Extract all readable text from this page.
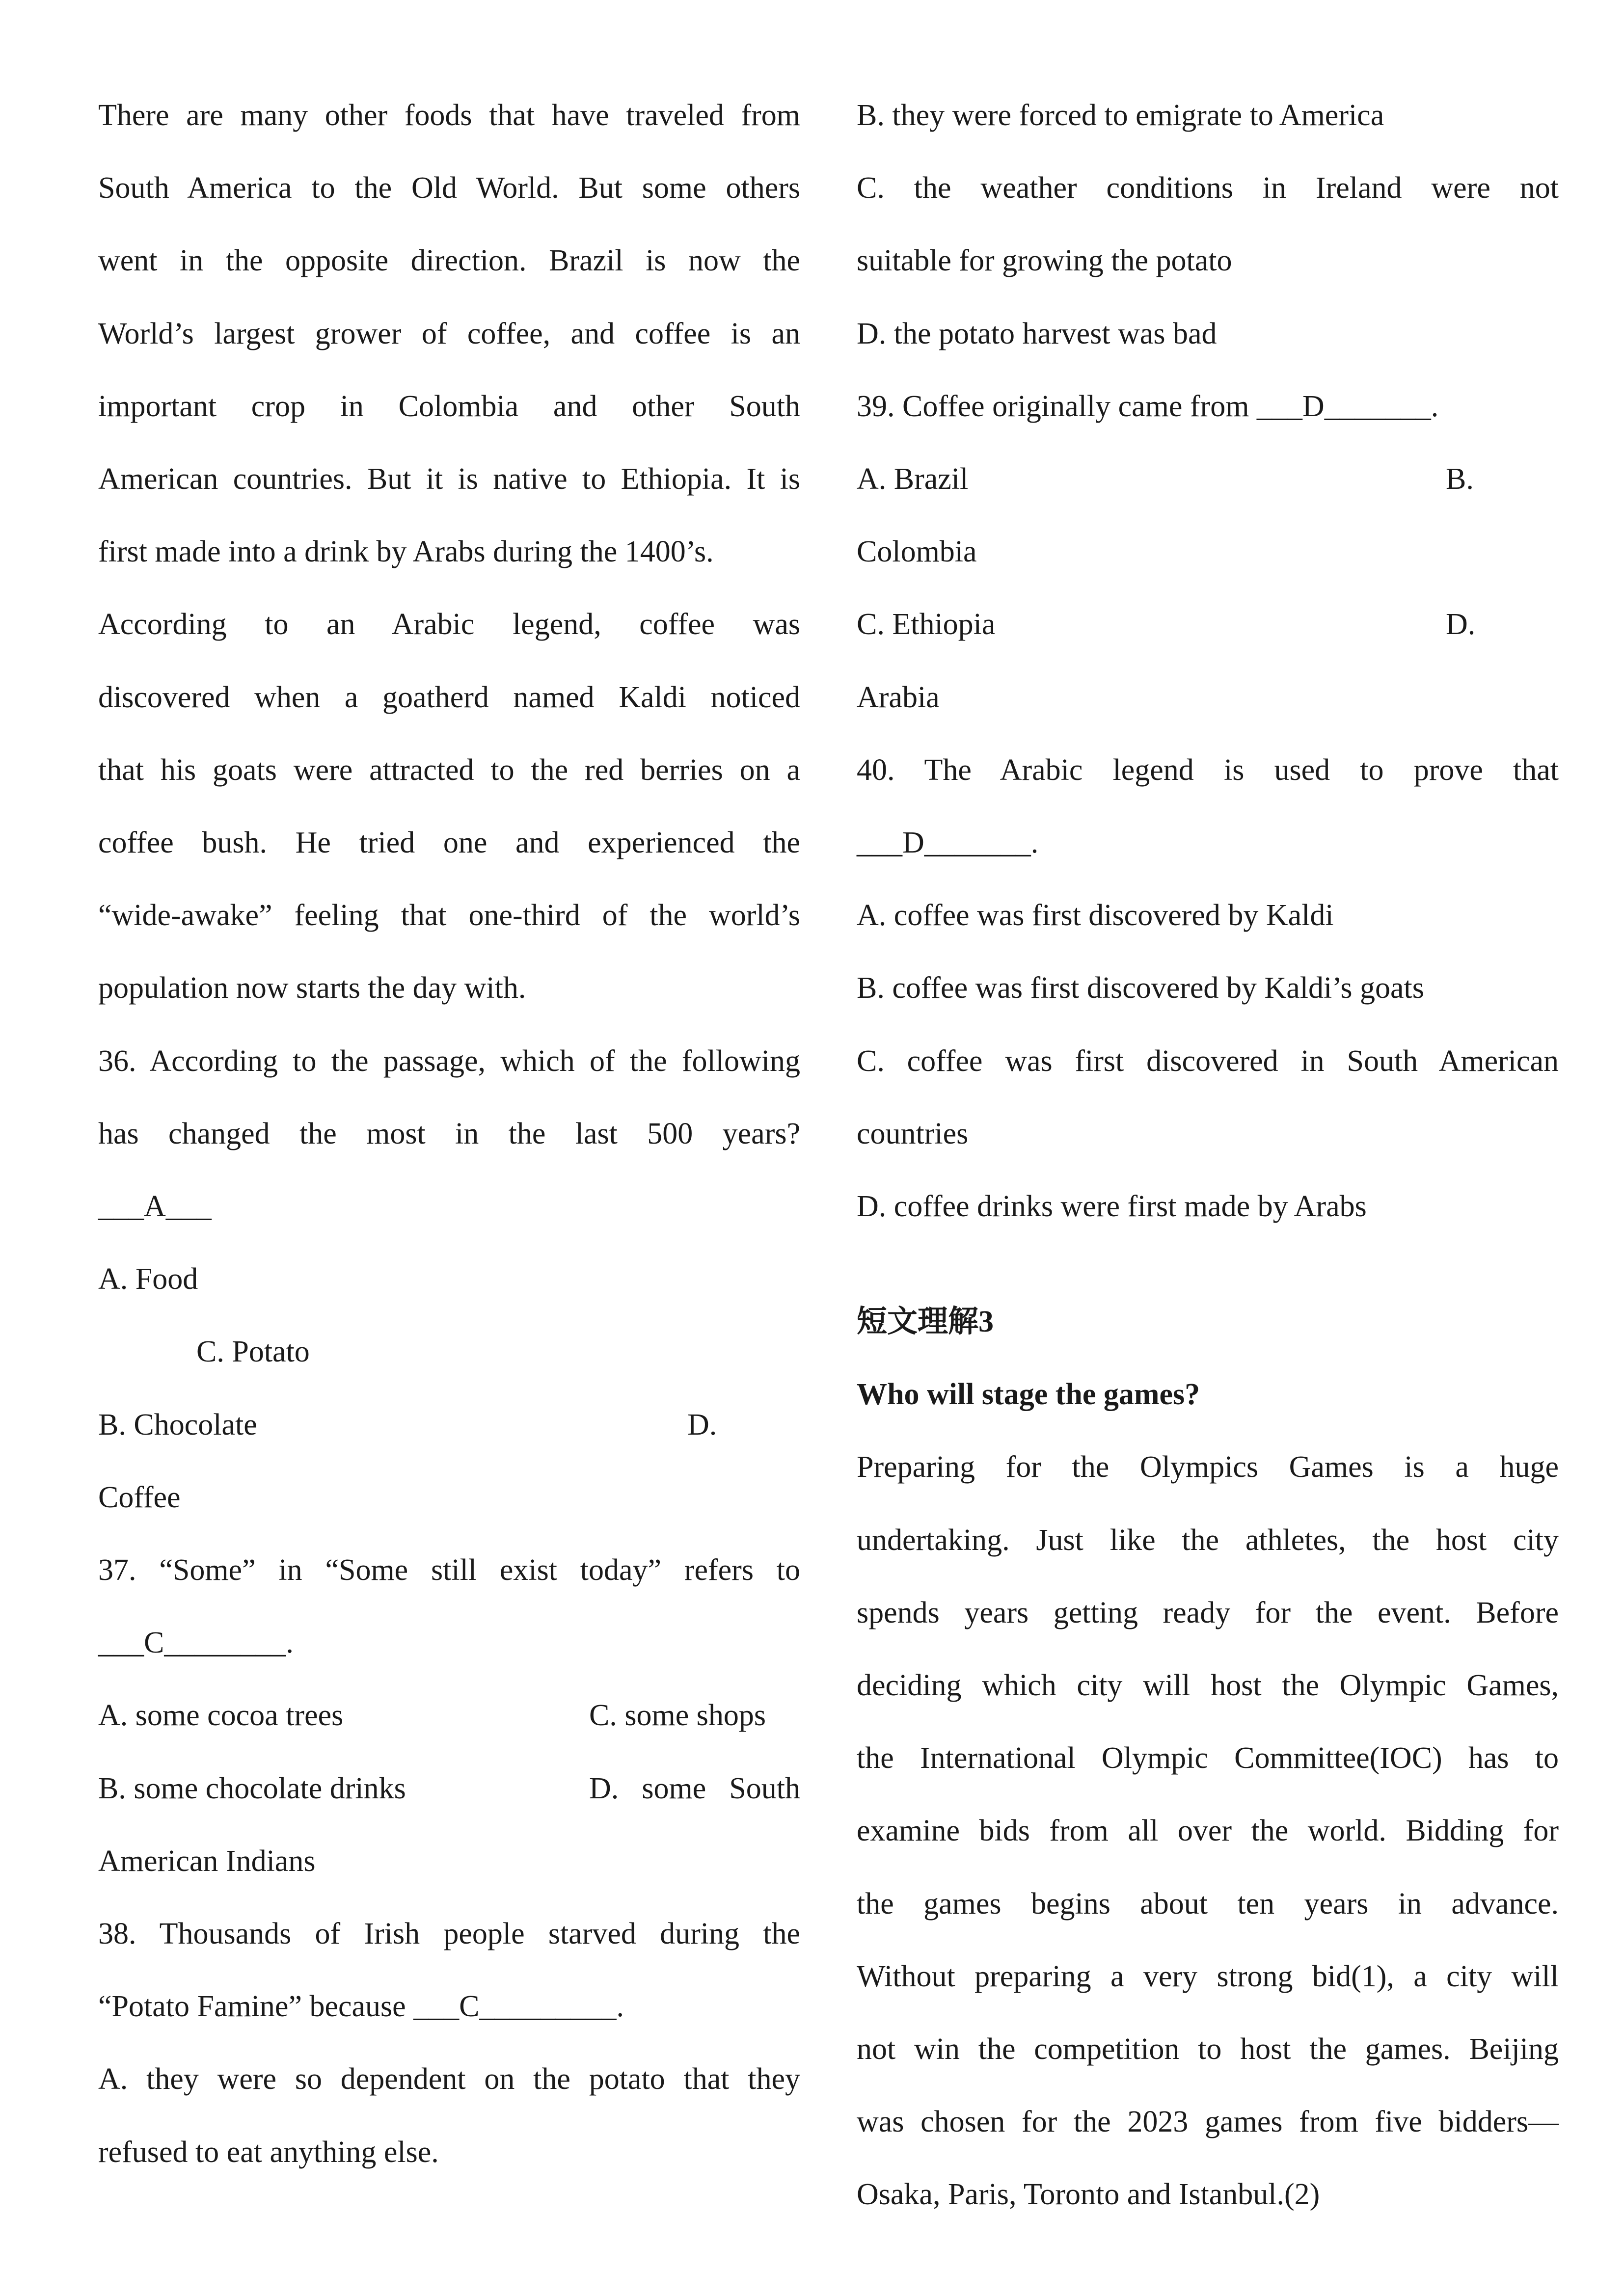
There are many other foods that have traveled from
South America to the Old World. But some others
went in the opposite direction. Brazil is now the
World’s largest grower of coffee, and coffee is an
important crop in Colombia and other South
American countries. But it is native to Ethiopia. It is
first made into a drink by Arabs during the 1400’s.
According to an Arabic legend, coffee was
discovered when a goatherd named Kaldi noticed
that his goats were attracted to the red berries on a
coffee bush. He tried one and experienced the
“wide-awake” feeling that one-third of the world’s
population now starts the day with.
36. According to the passage, which of the following
has changed the most in the last 500 years?
___A___
A. Food
C. Potato
B. Chocolate	D.
Coffee
37. “Some” in “Some still exist today” refers to
___C________.
A. some cocoa trees	C. some shops
B. some chocolate drinks	D. some South
American Indians
38. Thousands of Irish people starved during the
“Potato Famine” because ___C_________.
A. they were so dependent on the potato that they
refused to eat anything else.
B. they were forced to emigrate to America
C. the weather conditions in Ireland were not
suitable for growing the potato
D. the potato harvest was bad
39. Coffee originally came from ___D_______.
A. Brazil	B.
Colombia
C. Ethiopia	D.
Arabia
40. The Arabic legend is used to prove that
___D_______.
A. coffee was first discovered by Kaldi
B. coffee was first discovered by Kaldi’s goats
C. coffee was first discovered in South American
countries
D. coffee drinks were first made by Arabs
短文理解3
Who will stage the games?
Preparing for the Olympics Games is a huge
undertaking. Just like the athletes, the host city
spends years getting ready for the event. Before
deciding which city will host the Olympic Games,
the International Olympic Committee(IOC) has to
examine bids from all over the world. Bidding for
the games begins about ten years in advance.
Without preparing a very strong bid(1), a city will
not win the competition to host the games. Beijing
was chosen for the 2023 games from five bidders—
Osaka, Paris, Toronto and Istanbul.(2)
